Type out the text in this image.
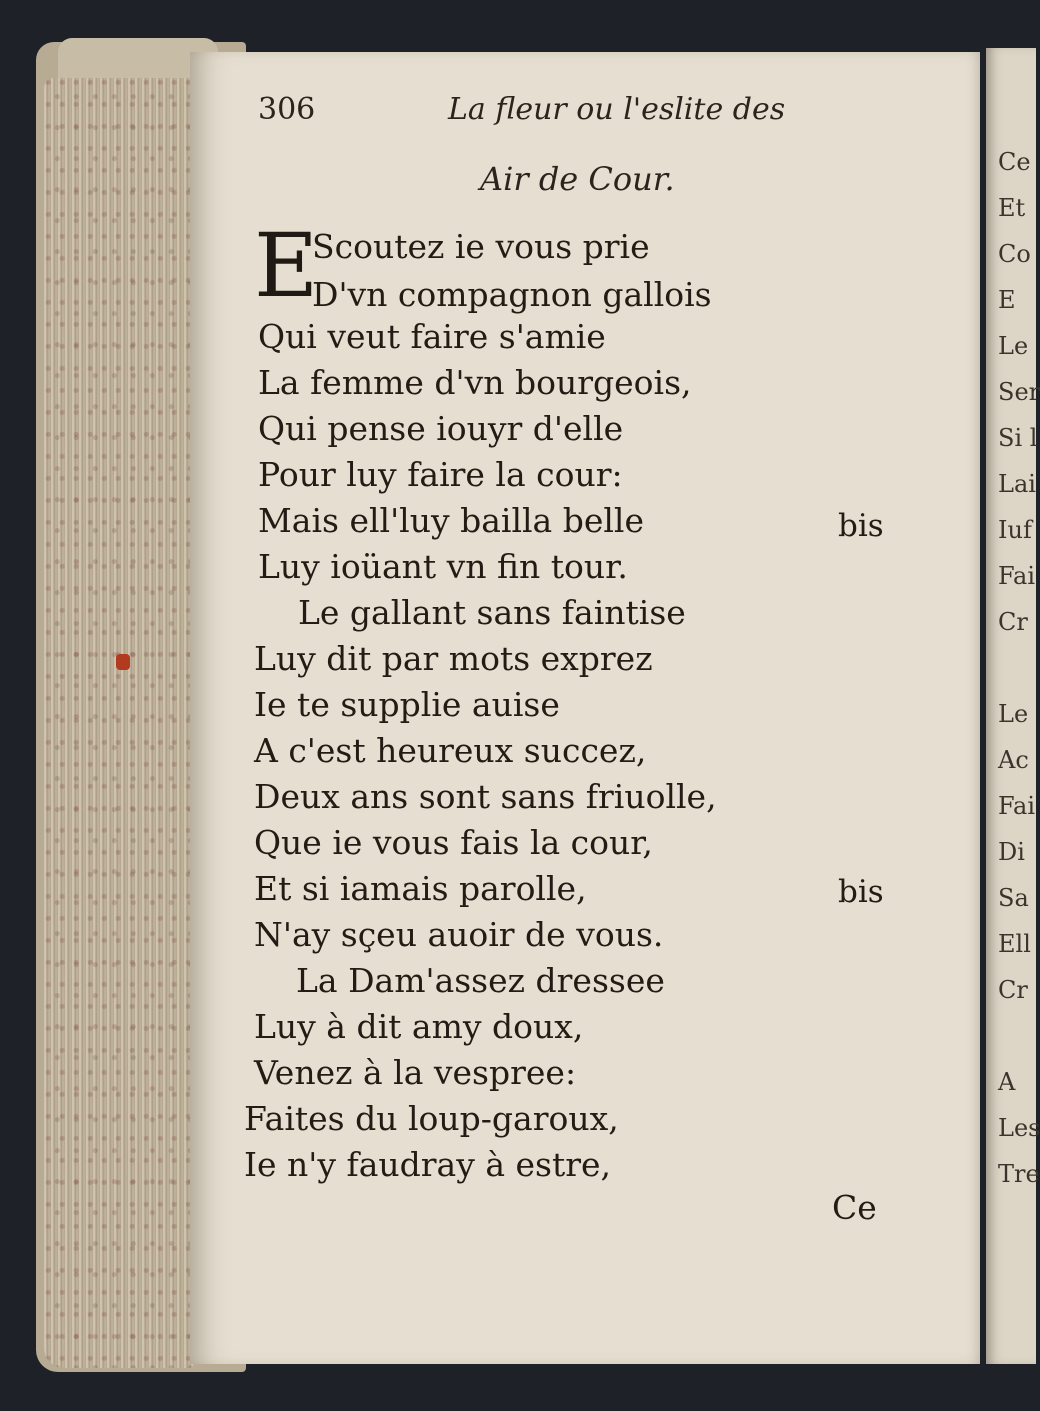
Ce
Et
Co
E
Le
Ser
Si l
Lai
Iuf
Fai
Cr
Le
Ac
Fai
Di
Sa
Ell
Cr
A
Les
Tre
306	La fleur ou l'eslite des
Air de Cour.
E
Scoutez ie vous prie
D'vn compagnon gallois
Qui veut faire s'amie
La femme d'vn bourgeois,
Qui pense iouyr d'elle
Pour luy faire la cour:
Mais ell'luy bailla belle
Luy ioüant vn fin tour.
Le gallant sans faintise
Luy dit par mots exprez
Ie te supplie auise
A c'est heureux succez,
Deux ans sont sans friuolle,
Que ie vous fais la cour,
Et si iamais parolle,
N'ay sçeu auoir de vous.
La Dam'assez dressee
Luy à dit amy doux,
Venez à la vespree:
Faites du loup-garoux,
Ie n'y faudray à estre,
bis
bis
Ce
